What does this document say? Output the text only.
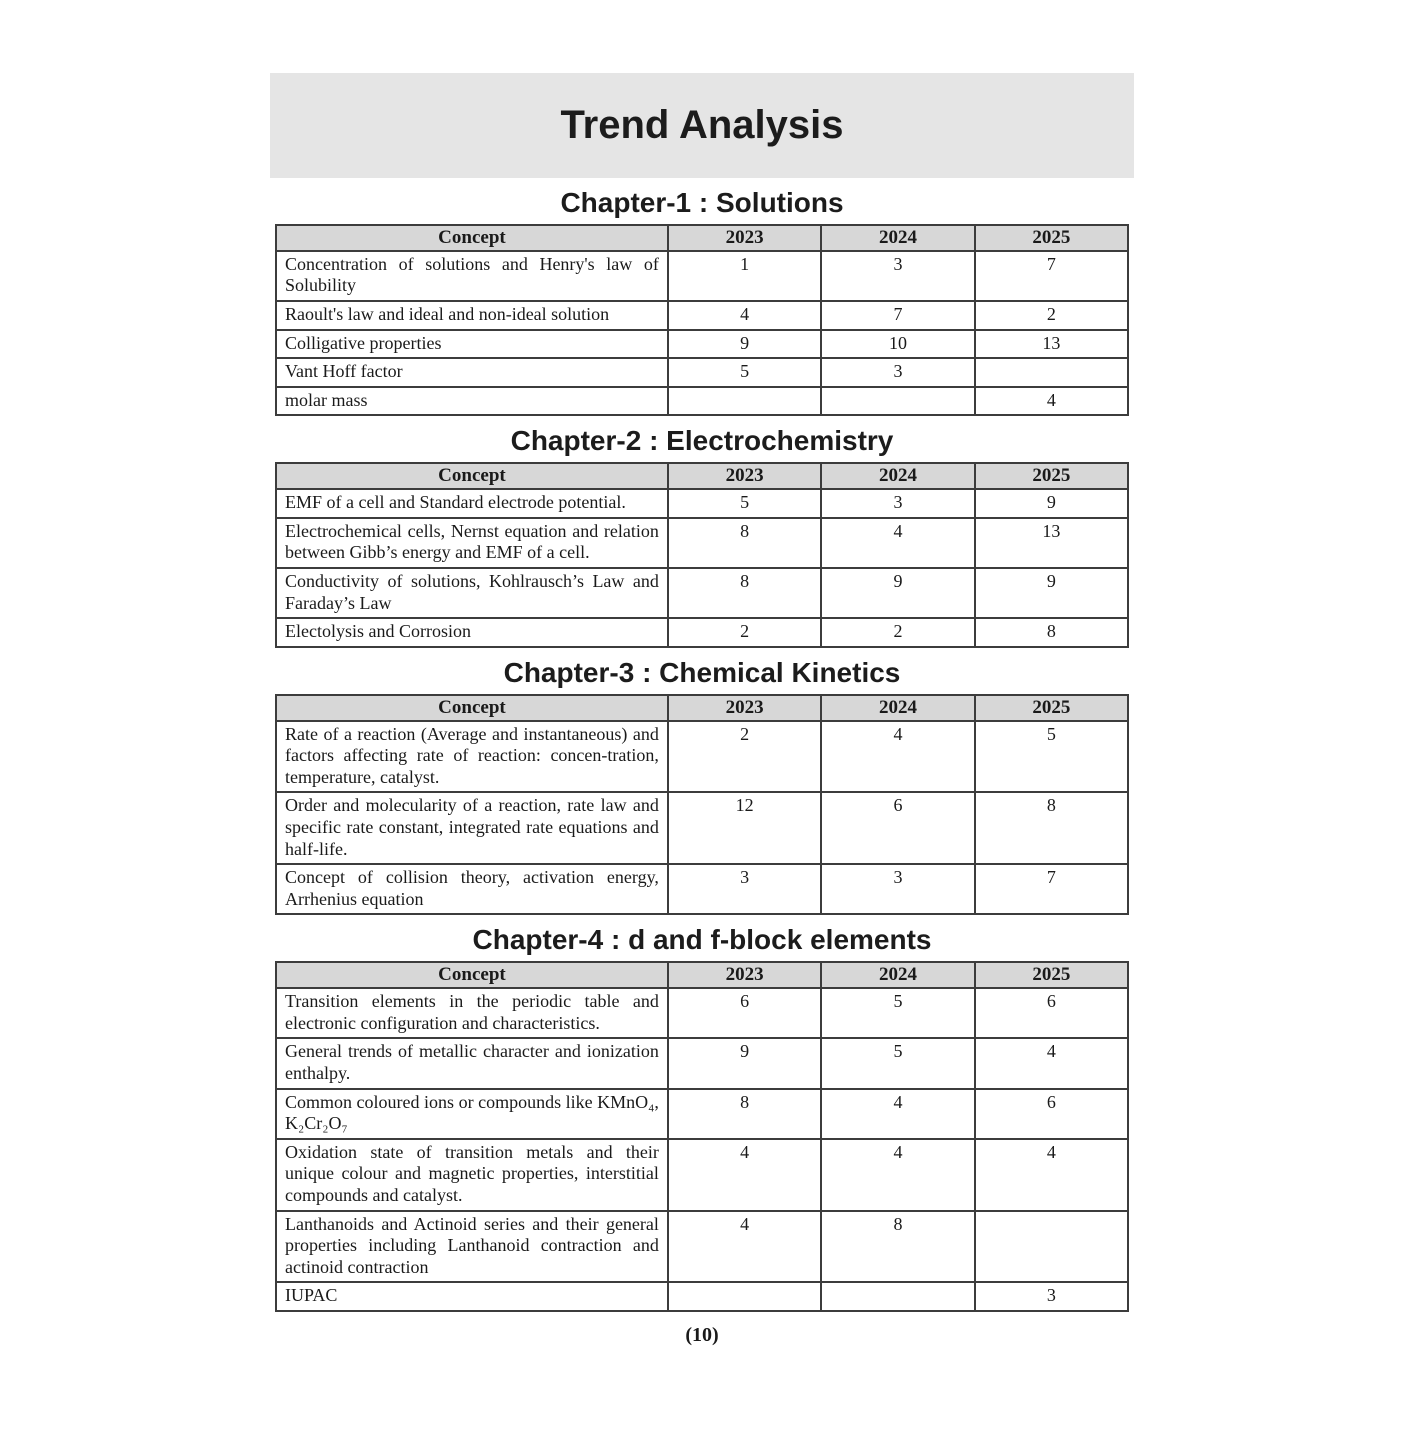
Trend Analysis
Chapter-1 : Solutions
Concept	2023	2024	2025
Concentration of solutions and Henry's law of Solubility	1	3	7
Raoult's law and ideal and non-ideal solution	4	7	2
Colligative properties	9	10	13
Vant Hoff factor	5	3	
molar mass			4
Chapter-2 : Electrochemistry
Concept	2023	2024	2025
EMF of a cell and Standard electrode potential.	5	3	9
Electrochemical cells, Nernst equation and relation between Gibb’s energy and EMF of a cell.	8	4	13
Conductivity of solutions, Kohlrausch’s Law and Faraday’s Law	8	9	9
Electolysis and Corrosion	2	2	8
Chapter-3 : Chemical Kinetics
Concept	2023	2024	2025
Rate of a reaction (Average and instantaneous) and factors affecting rate of reaction: concen-tration, temperature, catalyst.	2	4	5
Order and molecularity of a reaction, rate law and specific rate constant, integrated rate equations and half-life.	12	6	8
Concept of collision theory, activation energy, Arrhenius equation	3	3	7
Chapter-4 : d and f-block elements
Concept	2023	2024	2025
Transition elements in the periodic table and electronic configuration and characteristics.	6	5	6
General trends of metallic character and ionization enthalpy.	9	5	4
Common coloured ions or compounds like KMnO₄, K₂Cr₂O₇	8	4	6
Oxidation state of transition metals and their unique colour and magnetic properties, interstitial compounds and catalyst.	4	4	4
Lanthanoids and Actinoid series and their general properties including Lanthanoid contraction and actinoid contraction	4	8	
IUPAC			3
(10)
